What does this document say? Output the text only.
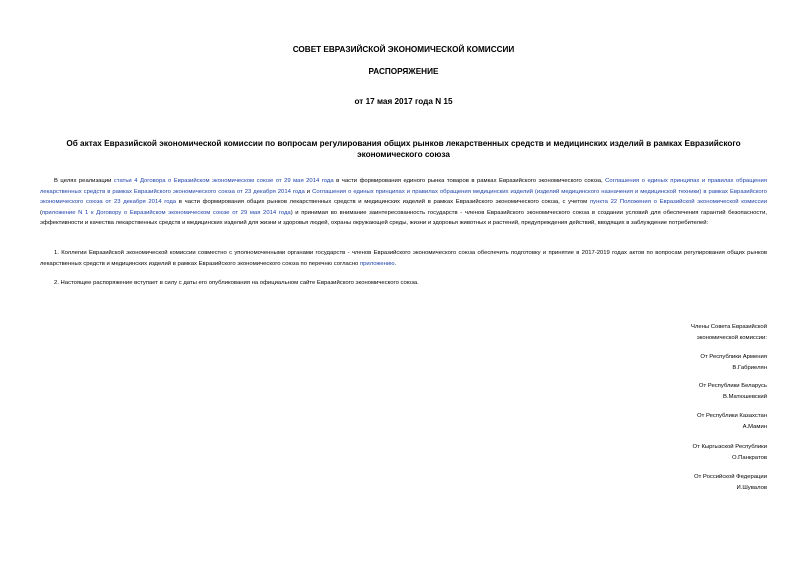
СОВЕТ ЕВРАЗИЙСКОЙ ЭКОНОМИЧЕСКОЙ КОМИССИИ
РАСПОРЯЖЕНИЕ
от 17 мая 2017 года N 15
Об актах Евразийской экономической комиссии по вопросам регулирования общих рынков лекарственных средств и медицинских изделий в рамках Евразийского экономического союза

В целях реализации статьи 4 Договора о Евразийском экономическом союзе от 29 мая 2014 года в части формирования единого рынка товаров в рамках Евразийского экономического союза, Соглашения о единых принципах и правилах обращения лекарственных средств в рамках Евразийского экономического союза от 23 декабря 2014 года и Соглашения о единых принципах и правилах обращения медицинских изделий (изделий медицинского назначения и медицинской техники) в рамках Евразийского экономического союза от 23 декабря 2014 года в части формирования общих рынков лекарственных средств и медицинских изделий в рамках Евразийского экономического союза, с учетом пункта 22 Положения о Евразийской экономической комиссии (приложение N 1 к Договору о Евразийском экономическом союзе от 29 мая 2014 года) и принимая во внимание заинтересованность государств - членов Евразийского экономического союза в создании условий для обеспечения гарантий безопасности, эффективности и качества лекарственных средств и медицинских изделий для жизни и здоровья людей, охраны окружающей среды, жизни и здоровья животных и растений, предупреждения действий, вводящих в заблуждение потребителей:

1. Коллегии Евразийской экономической комиссии совместно с уполномоченными органами государств - членов Евразийского экономического союза обеспечить подготовку и принятие в 2017-2019 годах актов по вопросам регулирования общих рынков лекарственных средств и медицинских изделий в рамках Евразийского экономического союза по перечню согласно приложению.

2. Настоящее распоряжение вступает в силу с даты его опубликования на официальном сайте Евразийского экономического союза.

Члены Совета Евразийской
экономической комиссии:
От Республики Армения
В.Габриелян
От Республики Беларусь
В.Матюшевский
От Республики Казахстан
А.Мамин
От Кыргызской Республики
О.Панкратов
От Российской Федерации
И.Шувалов
